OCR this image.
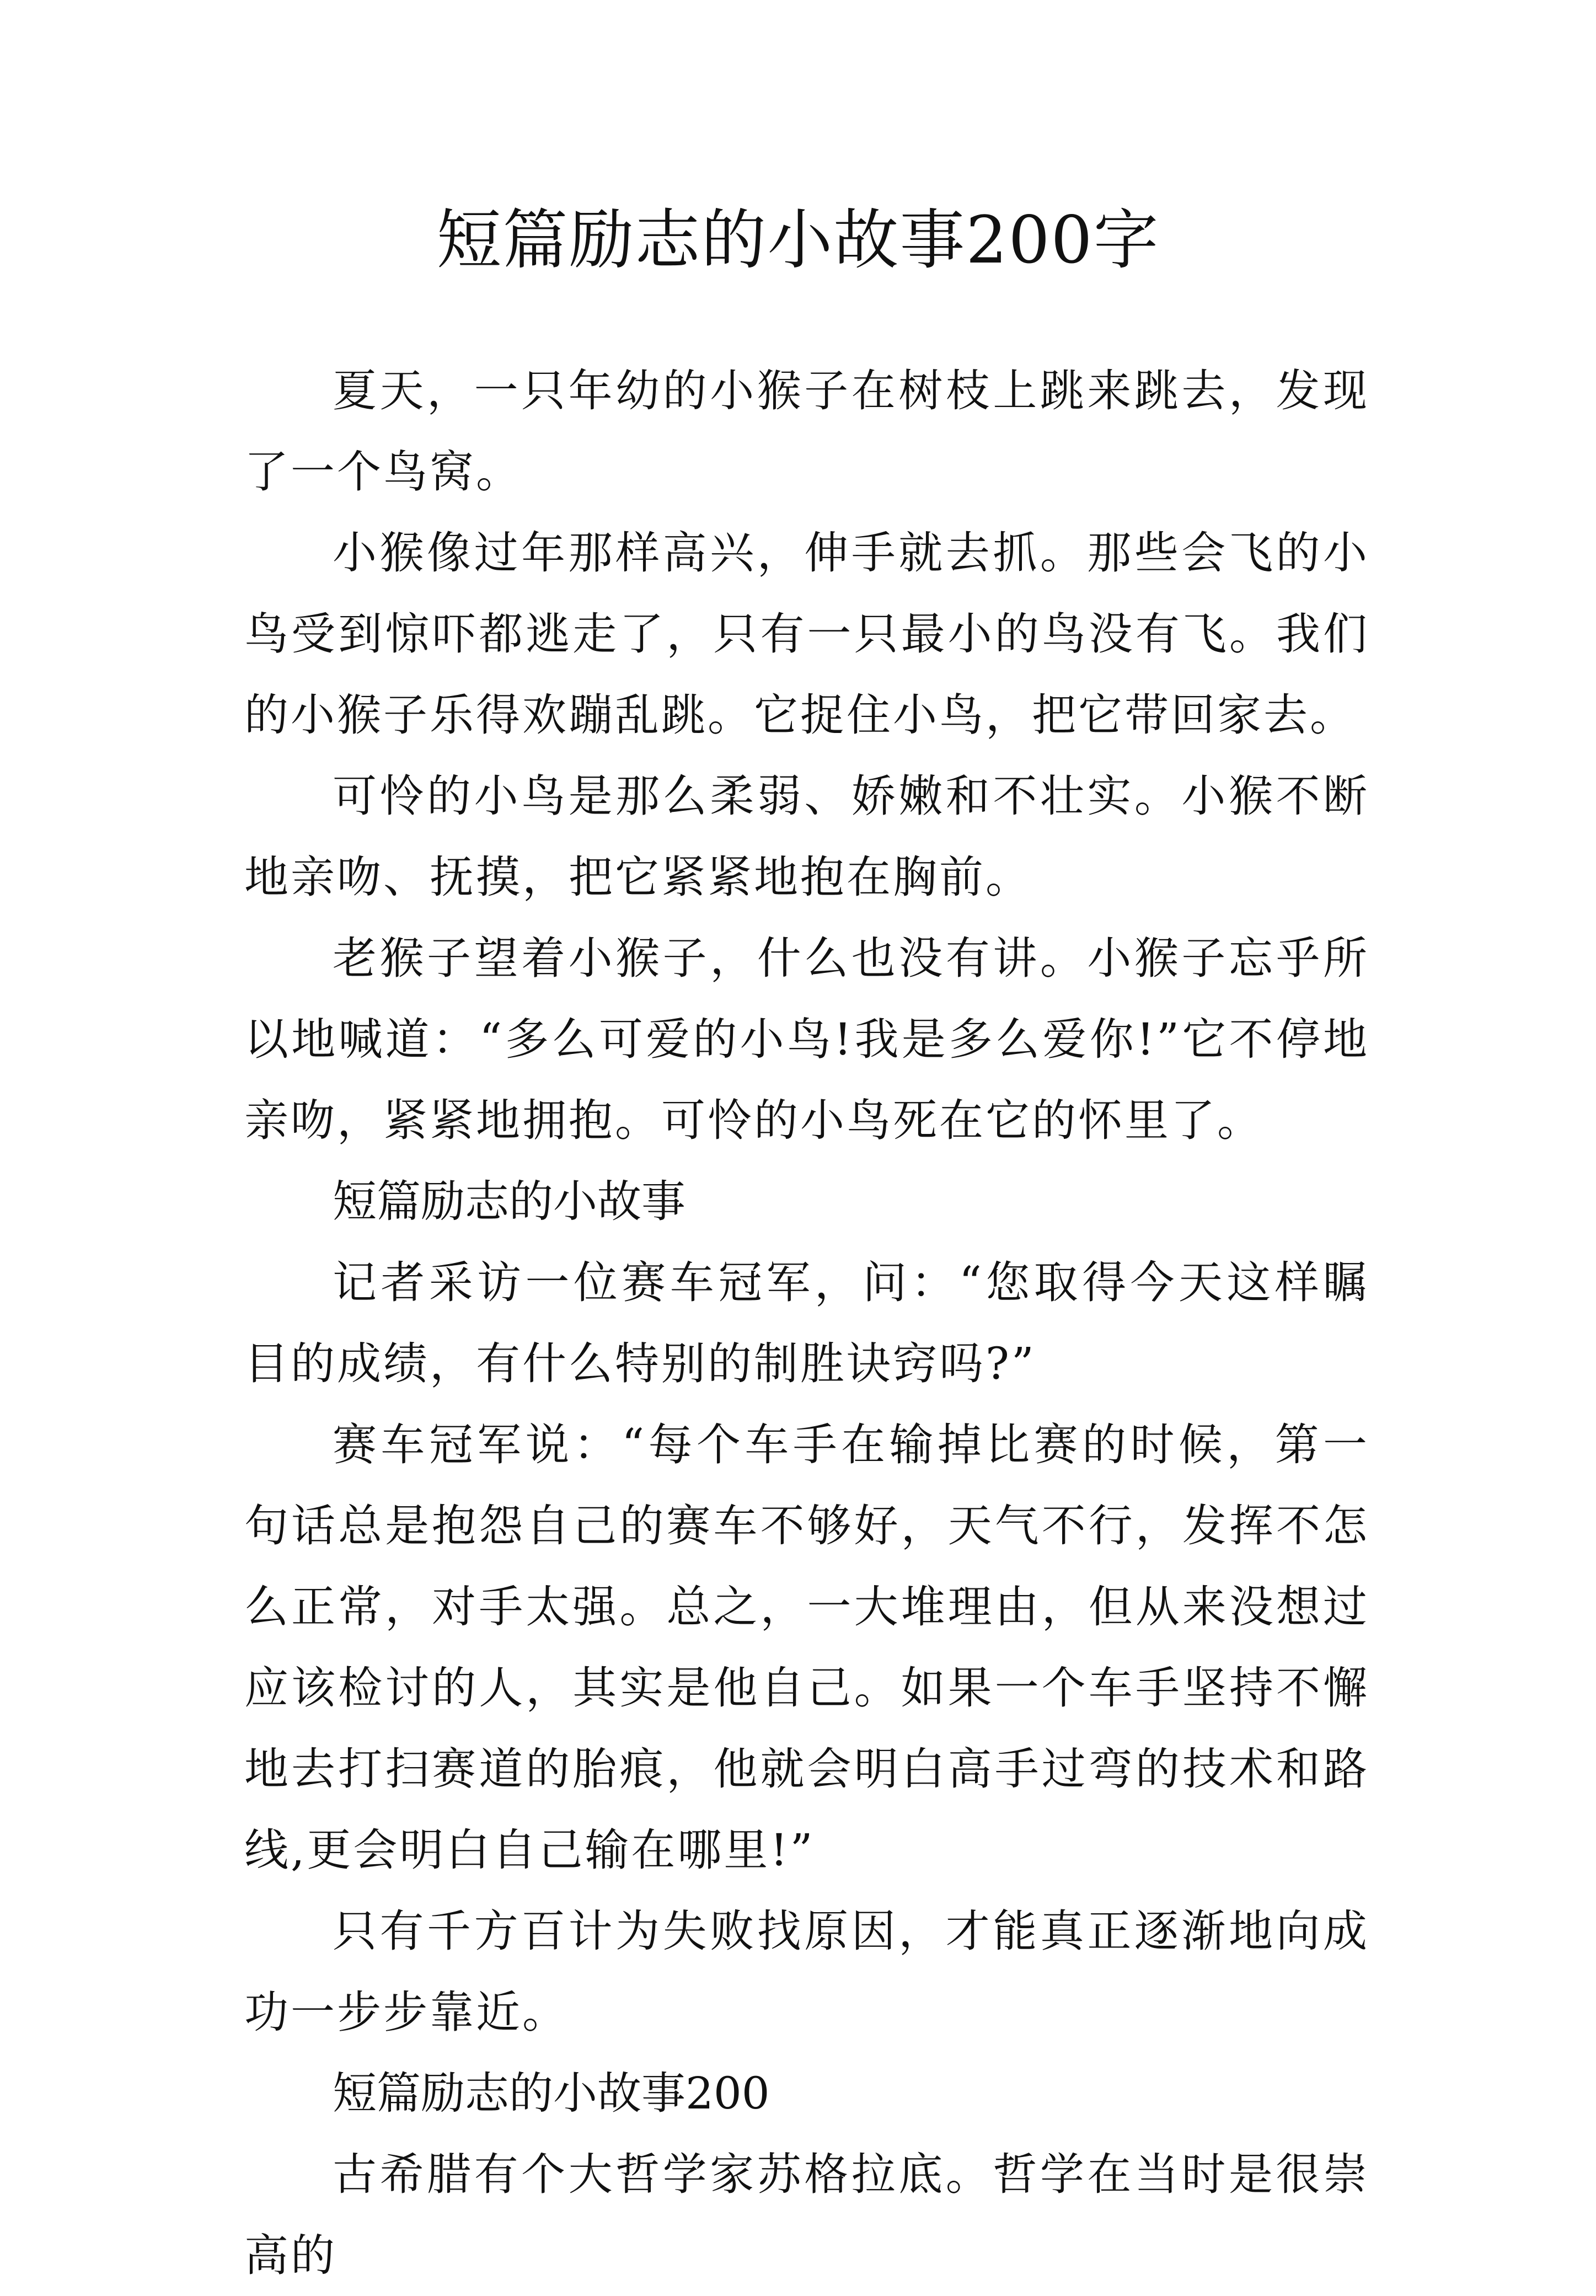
短篇励志的小故事200字

夏天，一只年幼的小猴子在树枝上跳来跳去，发现了一个鸟窝。

小猴像过年那样高兴，伸手就去抓。那些会飞的小鸟受到惊吓都逃走了，只有一只最小的鸟没有飞。我们的小猴子乐得欢蹦乱跳。它捉住小鸟，把它带回家去。

可怜的小鸟是那么柔弱、娇嫩和不壮实。小猴不断地亲吻、抚摸，把它紧紧地抱在胸前。

老猴子望着小猴子，什么也没有讲。小猴子忘乎所以地喊道：“多么可爱的小鸟!我是多么爱你!”它不停地亲吻，紧紧地拥抱。可怜的小鸟死在它的怀里了。

短篇励志的小故事

记者采访一位赛车冠军，问：“您取得今天这样瞩目的成绩，有什么特别的制胜诀窍吗?”

赛车冠军说：“每个车手在输掉比赛的时候，第一句话总是抱怨自己的赛车不够好，天气不行，发挥不怎么正常，对手太强。总之，一大堆理由，但从来没想过应该检讨的人，其实是他自己。如果一个车手坚持不懈地去打扫赛道的胎痕，他就会明白高手过弯的技术和路线,更会明白自己输在哪里!”

只有千方百计为失败找原因，才能真正逐渐地向成功一步步靠近。

短篇励志的小故事200

古希腊有个大哲学家苏格拉底。哲学在当时是很崇高的
